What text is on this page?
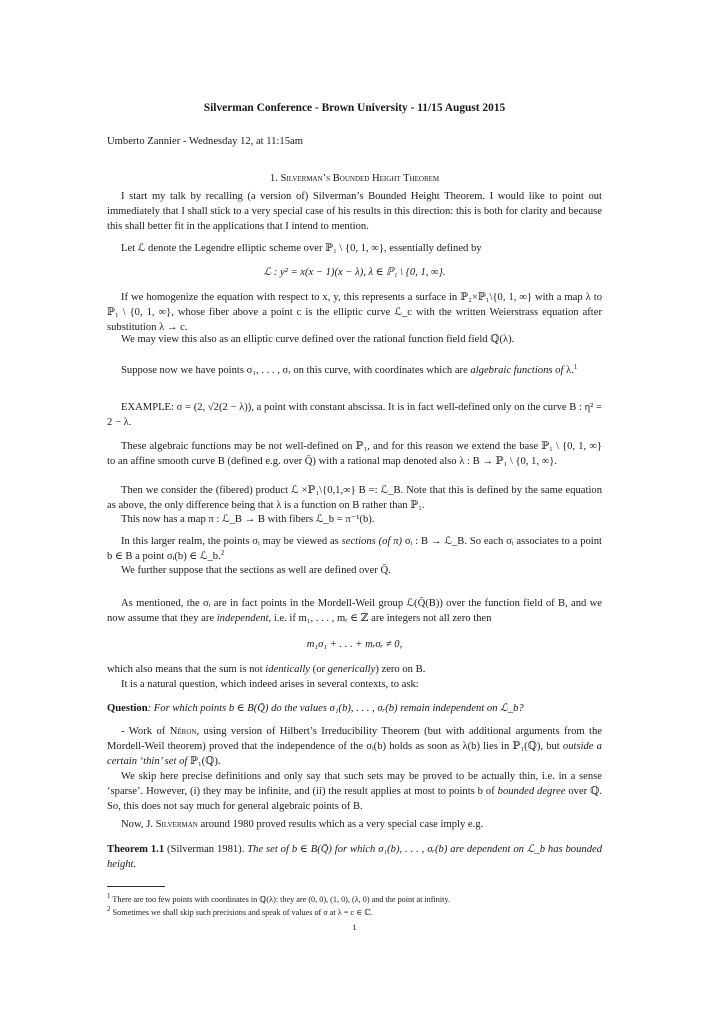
Silverman Conference - Brown University - 11/15 August 2015
Umberto Zannier - Wednesday 12, at 11:15am
1. Silverman’s Bounded Height Theorem

I start my talk by recalling (a version of) Silverman’s Bounded Height Theorem. I would like to point out immediately that I shall stick to a very special case of his results in this direction: this is both for clarity and because this shall better fit in the applications that I intend to mention.

Let ℒ denote the Legendre elliptic scheme over ℙ₁ \ {0, 1, ∞}, essentially defined by

ℒ : y² = x(x − 1)(x − λ), λ ∈ ℙ₁ \ {0, 1, ∞}.

If we homogenize the equation with respect to x, y, this represents a surface in ℙ₂×ℙ₁\{0, 1, ∞} with a map λ to ℙ₁ \ {0, 1, ∞}, whose fiber above a point c is the elliptic curve ℒ_c with the written Weierstrass equation after substitution λ → c.

We may view this also as an elliptic curve defined over the rational function field field ℚ(λ).

Suppose now we have points σ₁, . . . , σᵣ on this curve, with coordinates which are algebraic functions of λ.$^1$

EXAMPLE: σ = (2, √2(2 − λ)), a point with constant abscissa. It is in fact well-defined only on the curve B : η² = 2 − λ.

These algebraic functions may be not well-defined on ℙ₁, and for this reason we extend the base ℙ₁ \ {0, 1, ∞} to an affine smooth curve B (defined e.g. over Q̄) with a rational map denoted also λ : B → ℙ₁ \ {0, 1, ∞}.

Then we consider the (fibered) product ℒ ×ℙ₁\{0,1,∞} B =: ℒ_B. Note that this is defined by the same equation as above, the only difference being that λ is a function on B rather than ℙ₁.

This now has a map π : ℒ_B → B with fibers ℒ_b = π⁻¹(b).

In this larger realm, the points σᵢ may be viewed as sections (of π) σᵢ : B → ℒ_B. So each σᵢ associates to a point b ∈ B a point σᵢ(b) ∈ ℒ_b.$^2$

We further suppose that the sections as well are defined over Q̄.

As mentioned, the σᵢ are in fact points in the Mordell-Weil group ℒ(Q̄(B)) over the function field of B, and we now assume that they are independent, i.e. if m₁, . . . , mᵣ ∈ ℤ are integers not all zero then

m₁σ₁ + . . . + mᵣσᵣ ≠ 0,

which also means that the sum is not identically (or generically) zero on B.

It is a natural question, which indeed arises in several contexts, to ask:

Question: For which points b ∈ B(Q̄) do the values σ₁(b), . . . , σᵣ(b) remain independent on ℒ_b?

- Work of Néron, using version of Hilbert’s Irreducibility Theorem (but with additional arguments from the Mordell-Weil theorem) proved that the independence of the σᵢ(b) holds as soon as λ(b) lies in ℙ₁(ℚ), but outside a certain ‘thin’ set of ℙ₁(ℚ).

We skip here precise definitions and only say that such sets may be proved to be actually thin, i.e. in a sense ‘sparse’. However, (i) they may be infinite, and (ii) the result applies at most to points b of bounded degree over ℚ. So, this does not say much for general algebraic points of B.

Now, J. Silverman around 1980 proved results which as a very special case imply e.g.

Theorem 1.1 (Silverman 1981). The set of b ∈ B(Q̄) for which σ₁(b), . . . , σᵣ(b) are dependent on ℒ_b has bounded height.

$^1$ There are too few points with coordinates in ℚ(λ): they are (0, 0), (1, 0), (λ, 0) and the point at infinity.
$^2$ Sometimes we shall skip such precisions and speak of values of σ at λ = c ∈ ℂ.
1
